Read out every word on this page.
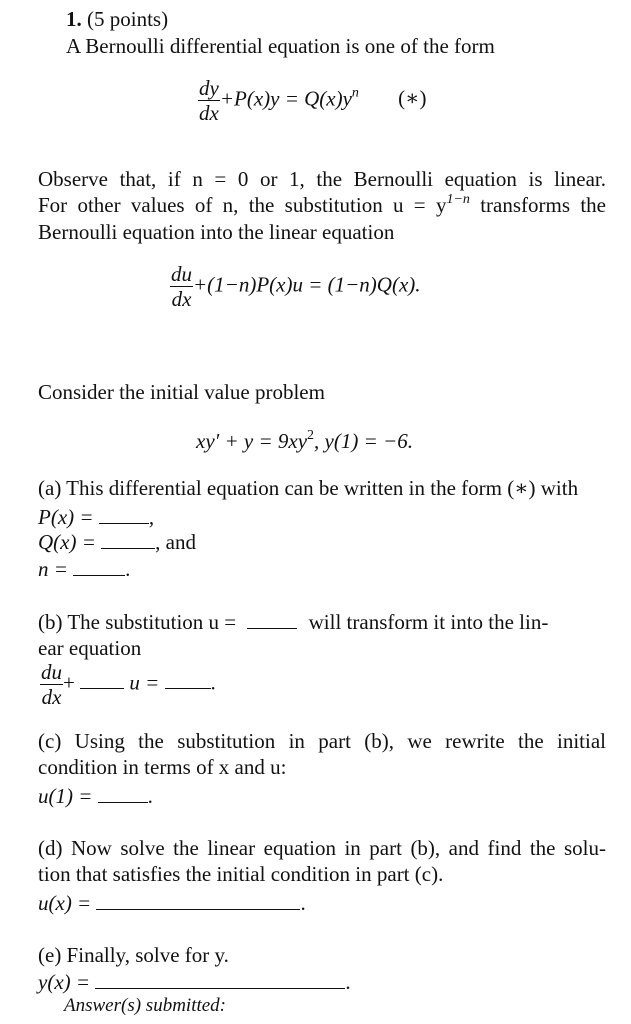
1. (5 points)
A Bernoulli differential equation is one of the form
$\frac{dy}{dx} +P(x)y = Q(x)y^n$ (∗)
Observe that, if n = 0 or 1, the Bernoulli equation is linear.
For other values of n, the substitution $u = y^{1-n}$ transforms the
Bernoulli equation into the linear equation
$\frac{du}{dx} +(1-n)P(x)u = (1-n)Q(x)$.
Consider the initial value problem
$xy' + y = 9xy^2$, y(1) = −6.
(a) This differential equation can be written in the form (∗) with
P(x) =	,
Q(x) =	, and
n =	.
(b) The substitution u =	will transform it into the lin-
ear equation
$\frac{du}{dx}$ +	u = .
(c) Using the substitution in part (b), we rewrite the initial
condition in terms of x and u:
u(1) =	.
(d) Now solve the linear equation in part (b), and find the solu-
tion that satisfies the initial condition in part (c).
u(x) =	.
(e) Finally, solve for y.
y(x) =	.
Answer(s) submitted:
